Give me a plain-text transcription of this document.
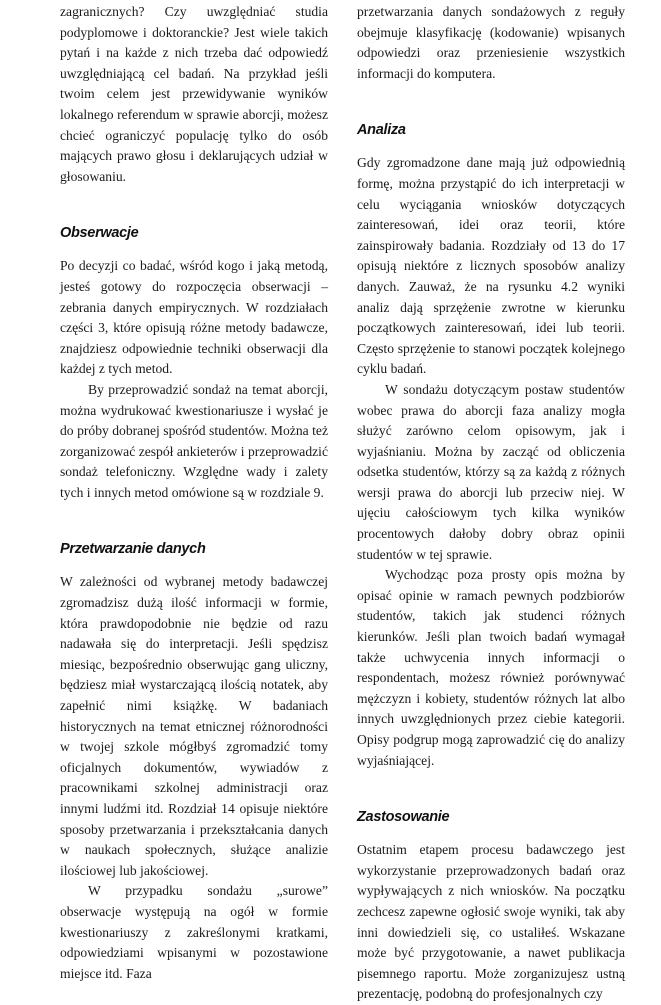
zagranicznych? Czy uwzględniać studia podyplomowe i doktoranckie? Jest wiele takich pytań i na każde z nich trzeba dać odpowiedź uwzględniającą cel badań. Na przykład jeśli twoim celem jest przewidywanie wyników lokalnego referendum w sprawie aborcji, możesz chcieć ograniczyć populację tylko do osób mających prawo głosu i deklarujących udział w głosowaniu.

Obserwacje

Po decyzji co badać, wśród kogo i jaką metodą, jesteś gotowy do rozpoczęcia obserwacji – zebrania danych empirycznych. W rozdziałach części 3, które opisują różne metody badawcze, znajdziesz odpowiednie techniki obserwacji dla każdej z tych metod.

By przeprowadzić sondaż na temat aborcji, można wydrukować kwestionariusze i wysłać je do próby dobranej spośród studentów. Można też zorganizować zespół ankieterów i przeprowadzić sondaż telefoniczny. Względne wady i zalety tych i innych metod omówione są w rozdziale 9.

Przetwarzanie danych

W zależności od wybranej metody badawczej zgromadzisz dużą ilość informacji w formie, która prawdopodobnie nie będzie od razu nadawała się do interpretacji. Jeśli spędzisz miesiąc, bezpośrednio obserwując gang uliczny, będziesz miał wystarczającą ilością notatek, aby zapełnić nimi książkę. W badaniach historycznych na temat etnicznej różnorodności w twojej szkole mógłbyś zgromadzić tomy oficjalnych dokumentów, wywiadów z pracownikami szkolnej administracji oraz innymi ludźmi itd. Rozdział 14 opisuje niektóre sposoby przetwarzania i przekształcania danych w naukach społecznych, służące analizie ilościowej lub jakościowej.

W przypadku sondażu „surowe” obserwacje występują na ogół w formie kwestionariuszy z zakreślonymi kratkami, odpowiedziami wpisanymi w pozostawione miejsce itd. Faza

przetwarzania danych sondażowych z reguły obejmuje klasyfikację (kodowanie) wpisanych odpowiedzi oraz przeniesienie wszystkich informacji do komputera.

Analiza

Gdy zgromadzone dane mają już odpowiednią formę, można przystąpić do ich interpretacji w celu wyciągania wniosków dotyczących zainteresowań, idei oraz teorii, które zainspirowały badania. Rozdziały od 13 do 17 opisują niektóre z licznych sposobów analizy danych. Zauważ, że na rysunku 4.2 wyniki analiz dają sprzężenie zwrotne w kierunku początkowych zainteresowań, idei lub teorii. Często sprzężenie to stanowi początek kolejnego cyklu badań.

W sondażu dotyczącym postaw studentów wobec prawa do aborcji faza analizy mogła służyć zarówno celom opisowym, jak i wyjaśnianiu. Można by zacząć od obliczenia odsetka studentów, którzy są za każdą z różnych wersji prawa do aborcji lub przeciw niej. W ujęciu całościowym tych kilka wyników procentowych dałoby dobry obraz opinii studentów w tej sprawie.

Wychodząc poza prosty opis można by opisać opinie w ramach pewnych podzbiorów studentów, takich jak studenci różnych kierunków. Jeśli plan twoich badań wymagał także uchwycenia innych informacji o respondentach, możesz również porównywać mężczyzn i kobiety, studentów różnych lat albo innych uwzględnionych przez ciebie kategorii. Opisy podgrup mogą zaprowadzić cię do analizy wyjaśniającej.

Zastosowanie

Ostatnim etapem procesu badawczego jest wykorzystanie przeprowadzonych badań oraz wypływających z nich wniosków. Na początku zechcesz zapewne ogłosić swoje wyniki, tak aby inni dowiedzieli się, co ustaliłeś. Wskazane może być przygotowanie, a nawet publikacja pisemnego raportu. Może zorganizujesz ustną prezentację, podobną do profesjonalnych czy
